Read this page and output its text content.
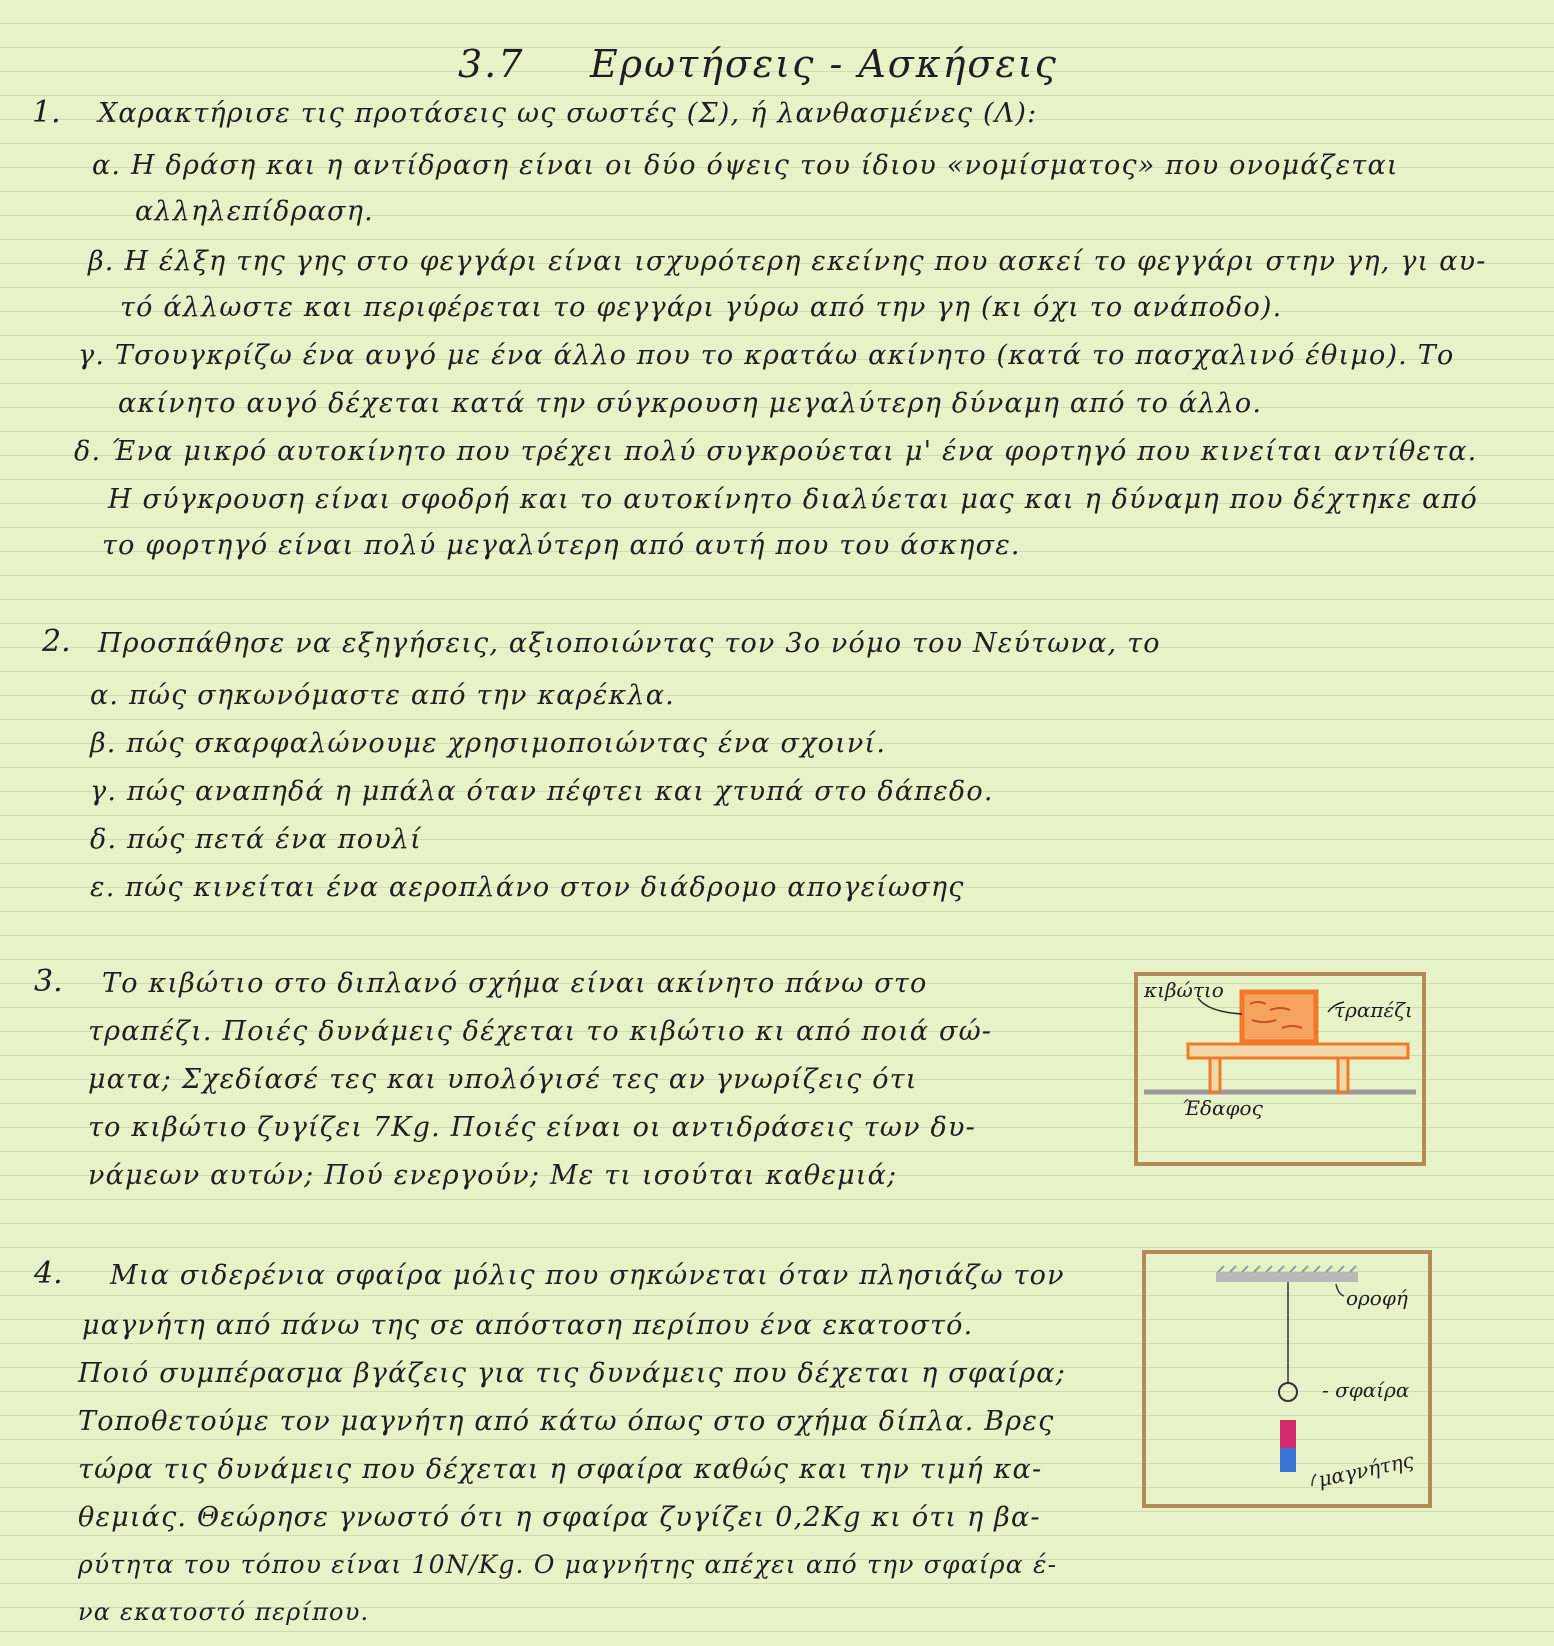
3.7 Ερωτήσεις - Ασκήσεις
1. Χαρακτήρισε τις προτάσεις ως σωστές (Σ), ή λανθασμένες (Λ):
α. Η δράση και η αντίδραση είναι οι δύο όψεις του ίδιου «νομίσματος» που ονομάζεται
αλληλεπίδραση.
β. Η έλξη της γης στο φεγγάρι είναι ισχυρότερη εκείνης που ασκεί το φεγγάρι στην γη, γι αυ-
τό άλλωστε και περιφέρεται το φεγγάρι γύρω από την γη (κι όχι το ανάποδο).
γ. Τσουγκρίζω ένα αυγό με ένα άλλο που το κρατάω ακίνητο (κατά το πασχαλινό έθιμο). Το
ακίνητο αυγό δέχεται κατά την σύγκρουση μεγαλύτερη δύναμη από το άλλο.
δ. Ένα μικρό αυτοκίνητο που τρέχει πολύ συγκρούεται μ' ένα φορτηγό που κινείται αντίθετα.
Η σύγκρουση είναι σφοδρή και το αυτοκίνητο διαλύεται μας και η δύναμη που δέχτηκε από
το φορτηγό είναι πολύ μεγαλύτερη από αυτή που του άσκησε.
2. Προσπάθησε να εξηγήσεις, αξιοποιώντας τον 3ο νόμο του Νεύτωνα, το
α. πώς σηκωνόμαστε από την καρέκλα.
β. πώς σκαρφαλώνουμε χρησιμοποιώντας ένα σχοινί.
γ. πώς αναπηδά η μπάλα όταν πέφτει και χτυπά στο δάπεδο.
δ. πώς πετά ένα πουλί
ε. πώς κινείται ένα αεροπλάνο στον διάδρομο απογείωσης
3. Το κιβώτιο στο διπλανό σχήμα είναι ακίνητο πάνω στο
τραπέζι. Ποιές δυνάμεις δέχεται το κιβώτιο κι από ποιά σώ-
ματα; Σχεδίασέ τες και υπολόγισέ τες αν γνωρίζεις ότι
το κιβώτιο ζυγίζει 7Kg. Ποιές είναι οι αντιδράσεις των δυ-
νάμεων αυτών; Πού ενεργούν; Με τι ισούται καθεμιά;
κιβώτιο
τραπέζι
Έδαφος
4. Μια σιδερένια σφαίρα μόλις που σηκώνεται όταν πλησιάζω τον
μαγνήτη από πάνω της σε απόσταση περίπου ένα εκατοστό.
Ποιό συμπέρασμα βγάζεις για τις δυνάμεις που δέχεται η σφαίρα;
Τοποθετούμε τον μαγνήτη από κάτω όπως στο σχήμα δίπλα. Βρες
τώρα τις δυνάμεις που δέχεται η σφαίρα καθώς και την τιμή κα-
θεμιάς. Θεώρησε γνωστό ότι η σφαίρα ζυγίζει 0,2Kg κι ότι η βα-
ρύτητα του τόπου είναι 10N/Kg. Ο μαγνήτης απέχει από την σφαίρα έ-
να εκατοστό περίπου.
οροφή
- σφαίρα
μαγνήτης
